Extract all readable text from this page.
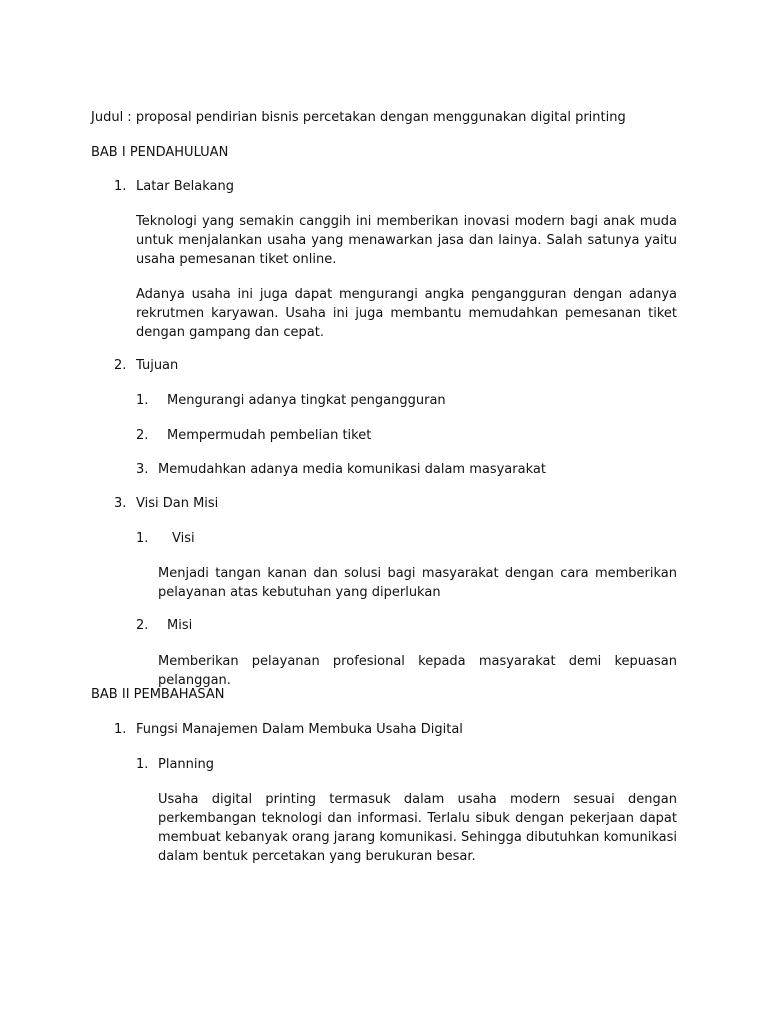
Judul : proposal pendirian bisnis percetakan dengan menggunakan digital printing
BAB I PENDAHULUAN
1. Latar Belakang
Teknologi yang semakin canggih ini memberikan inovasi modern bagi anak muda untuk menjalankan usaha yang menawarkan jasa dan lainya. Salah satunya yaitu usaha pemesanan tiket online.
Adanya usaha ini juga dapat mengurangi angka pengangguran dengan adanya rekrutmen karyawan. Usaha ini juga membantu memudahkan pemesanan tiket dengan gampang dan cepat.
2. Tujuan
1. Mengurangi adanya tingkat pengangguran
2. Mempermudah pembelian tiket
3. Memudahkan adanya media komunikasi dalam masyarakat
3. Visi Dan Misi
1. Visi
Menjadi tangan kanan dan solusi bagi masyarakat dengan cara memberikan pelayanan atas kebutuhan yang diperlukan
2. Misi
Memberikan pelayanan profesional kepada masyarakat demi kepuasan pelanggan.
BAB II PEMBAHASAN
1. Fungsi Manajemen Dalam Membuka Usaha Digital
1. Planning
Usaha digital printing termasuk dalam usaha modern sesuai dengan perkembangan teknologi dan informasi. Terlalu sibuk dengan pekerjaan dapat membuat kebanyak orang jarang komunikasi. Sehingga dibutuhkan komunikasi dalam bentuk percetakan yang berukuran besar.
